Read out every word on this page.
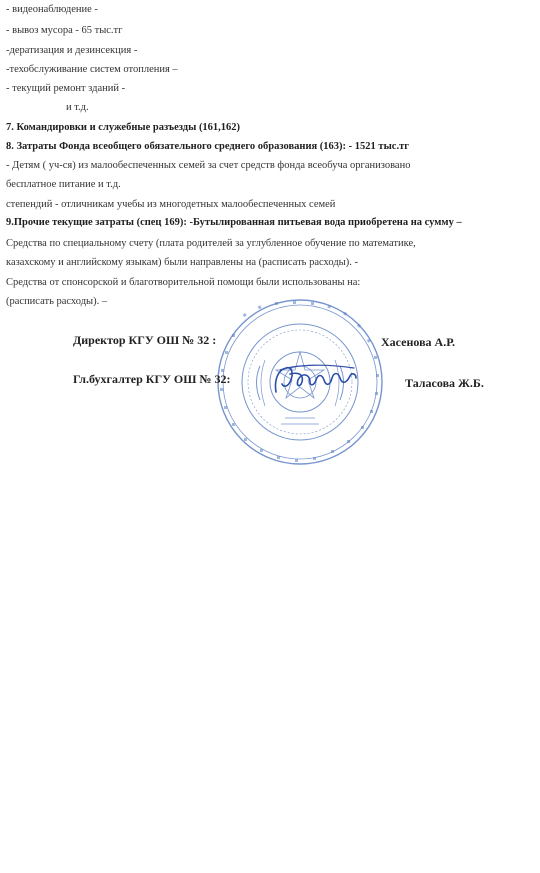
- видеонаблюдение -
- вывоз мусора - 65 тыс.тг
-дератизация и дезинсекция -
-техобслуживание систем отопления –
- текущий ремонт зданий -
и т.д.
7. Командировки и служебные разъезды (161,162)
8. Затраты Фонда всеобщего обязательного среднего образования (163): - 1521 тыс.тг
- Детям ( уч-ся) из малообеспеченных семей за счет средств фонда всеобуча организовано
бесплатное питание и т.д.
степендий - отличникам учебы из многодетных малообеспеченных семей
9.Прочие текущие затраты (спец 169): -Бутылированная питьевая вода приобретена на сумму –
Средства по специальному счету (плата родителей за углубленное обучение по математике,
казахскому и английскому языкам) были направлены на (расписать расходы). -
Средства от спонсорской и благотворительной помощи были использованы на:
(расписать расходы). –
Директор КГУ ОШ № 32 :	Хасенова А.Р.
Гл.бухгалтер КГУ ОШ № 32:	Таласова Ж.Б.
